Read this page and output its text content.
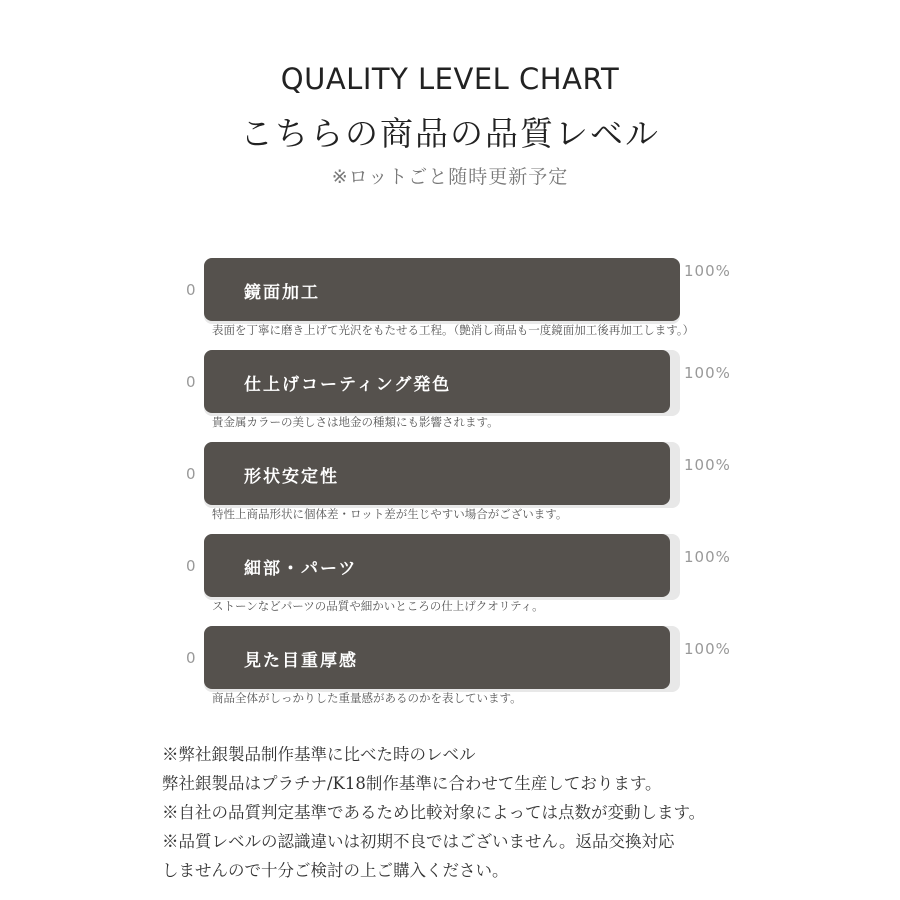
QUALITY LEVEL CHART
こちらの商品の品質レベル
※ロットごと随時更新予定
0	鏡面加工
100%
表面を丁寧に磨き上げて光沢をもたせる工程。（艶消し商品も一度鏡面加工後再加工します。）
0	仕上げコーティング発色
100%
貴金属カラーの美しさは地金の種類にも影響されます。
0	形状安定性
100%
特性上商品形状に個体差・ロット差が生じやすい場合がございます。
0	細部・パーツ
100%
ストーンなどパーツの品質や細かいところの仕上げクオリティ。
0	見た目重厚感
100%
商品全体がしっかりした重量感があるのかを表しています。
※弊社銀製品制作基準に比べた時のレベル
弊社銀製品はプラチナ/K18制作基準に合わせて生産しております。
※自社の品質判定基準であるため比較対象によっては点数が変動します。
※品質レベルの認識違いは初期不良ではございません。返品交換対応
しませんので十分ご検討の上ご購入ください。
